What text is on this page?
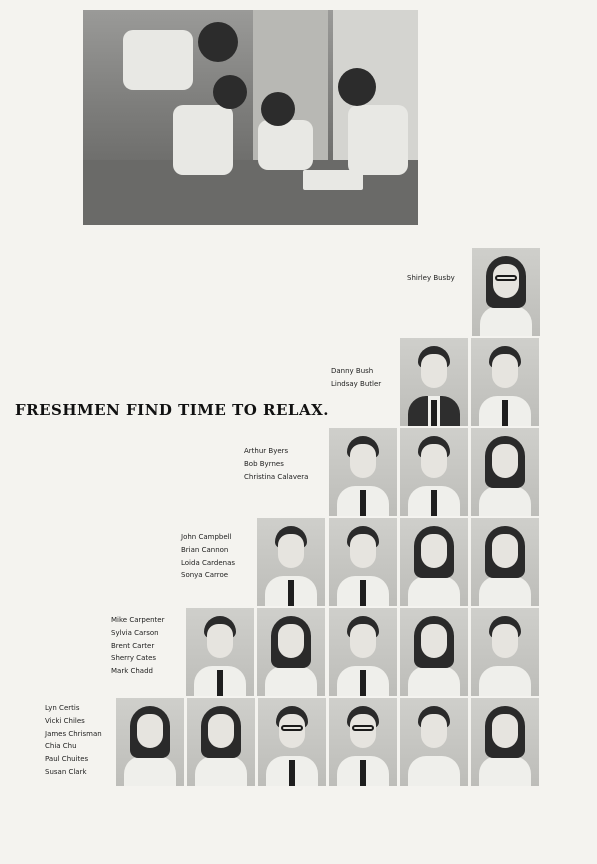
FRESHMEN FIND TIME TO RELAX.
Shirley Busby
Danny Bush
Lindsay Butler
Arthur Byers
Bob Byrnes
Christina Calavera
John Campbell
Brian Cannon
Loida Cardenas
Sonya Carroe
Mike Carpenter
Sylvia Carson
Brent Carter
Sherry Cates
Mark Chadd
Lyn Certis
Vicki Chiles
James Chrisman
Chia Chu
Paul Chuites
Susan Clark
